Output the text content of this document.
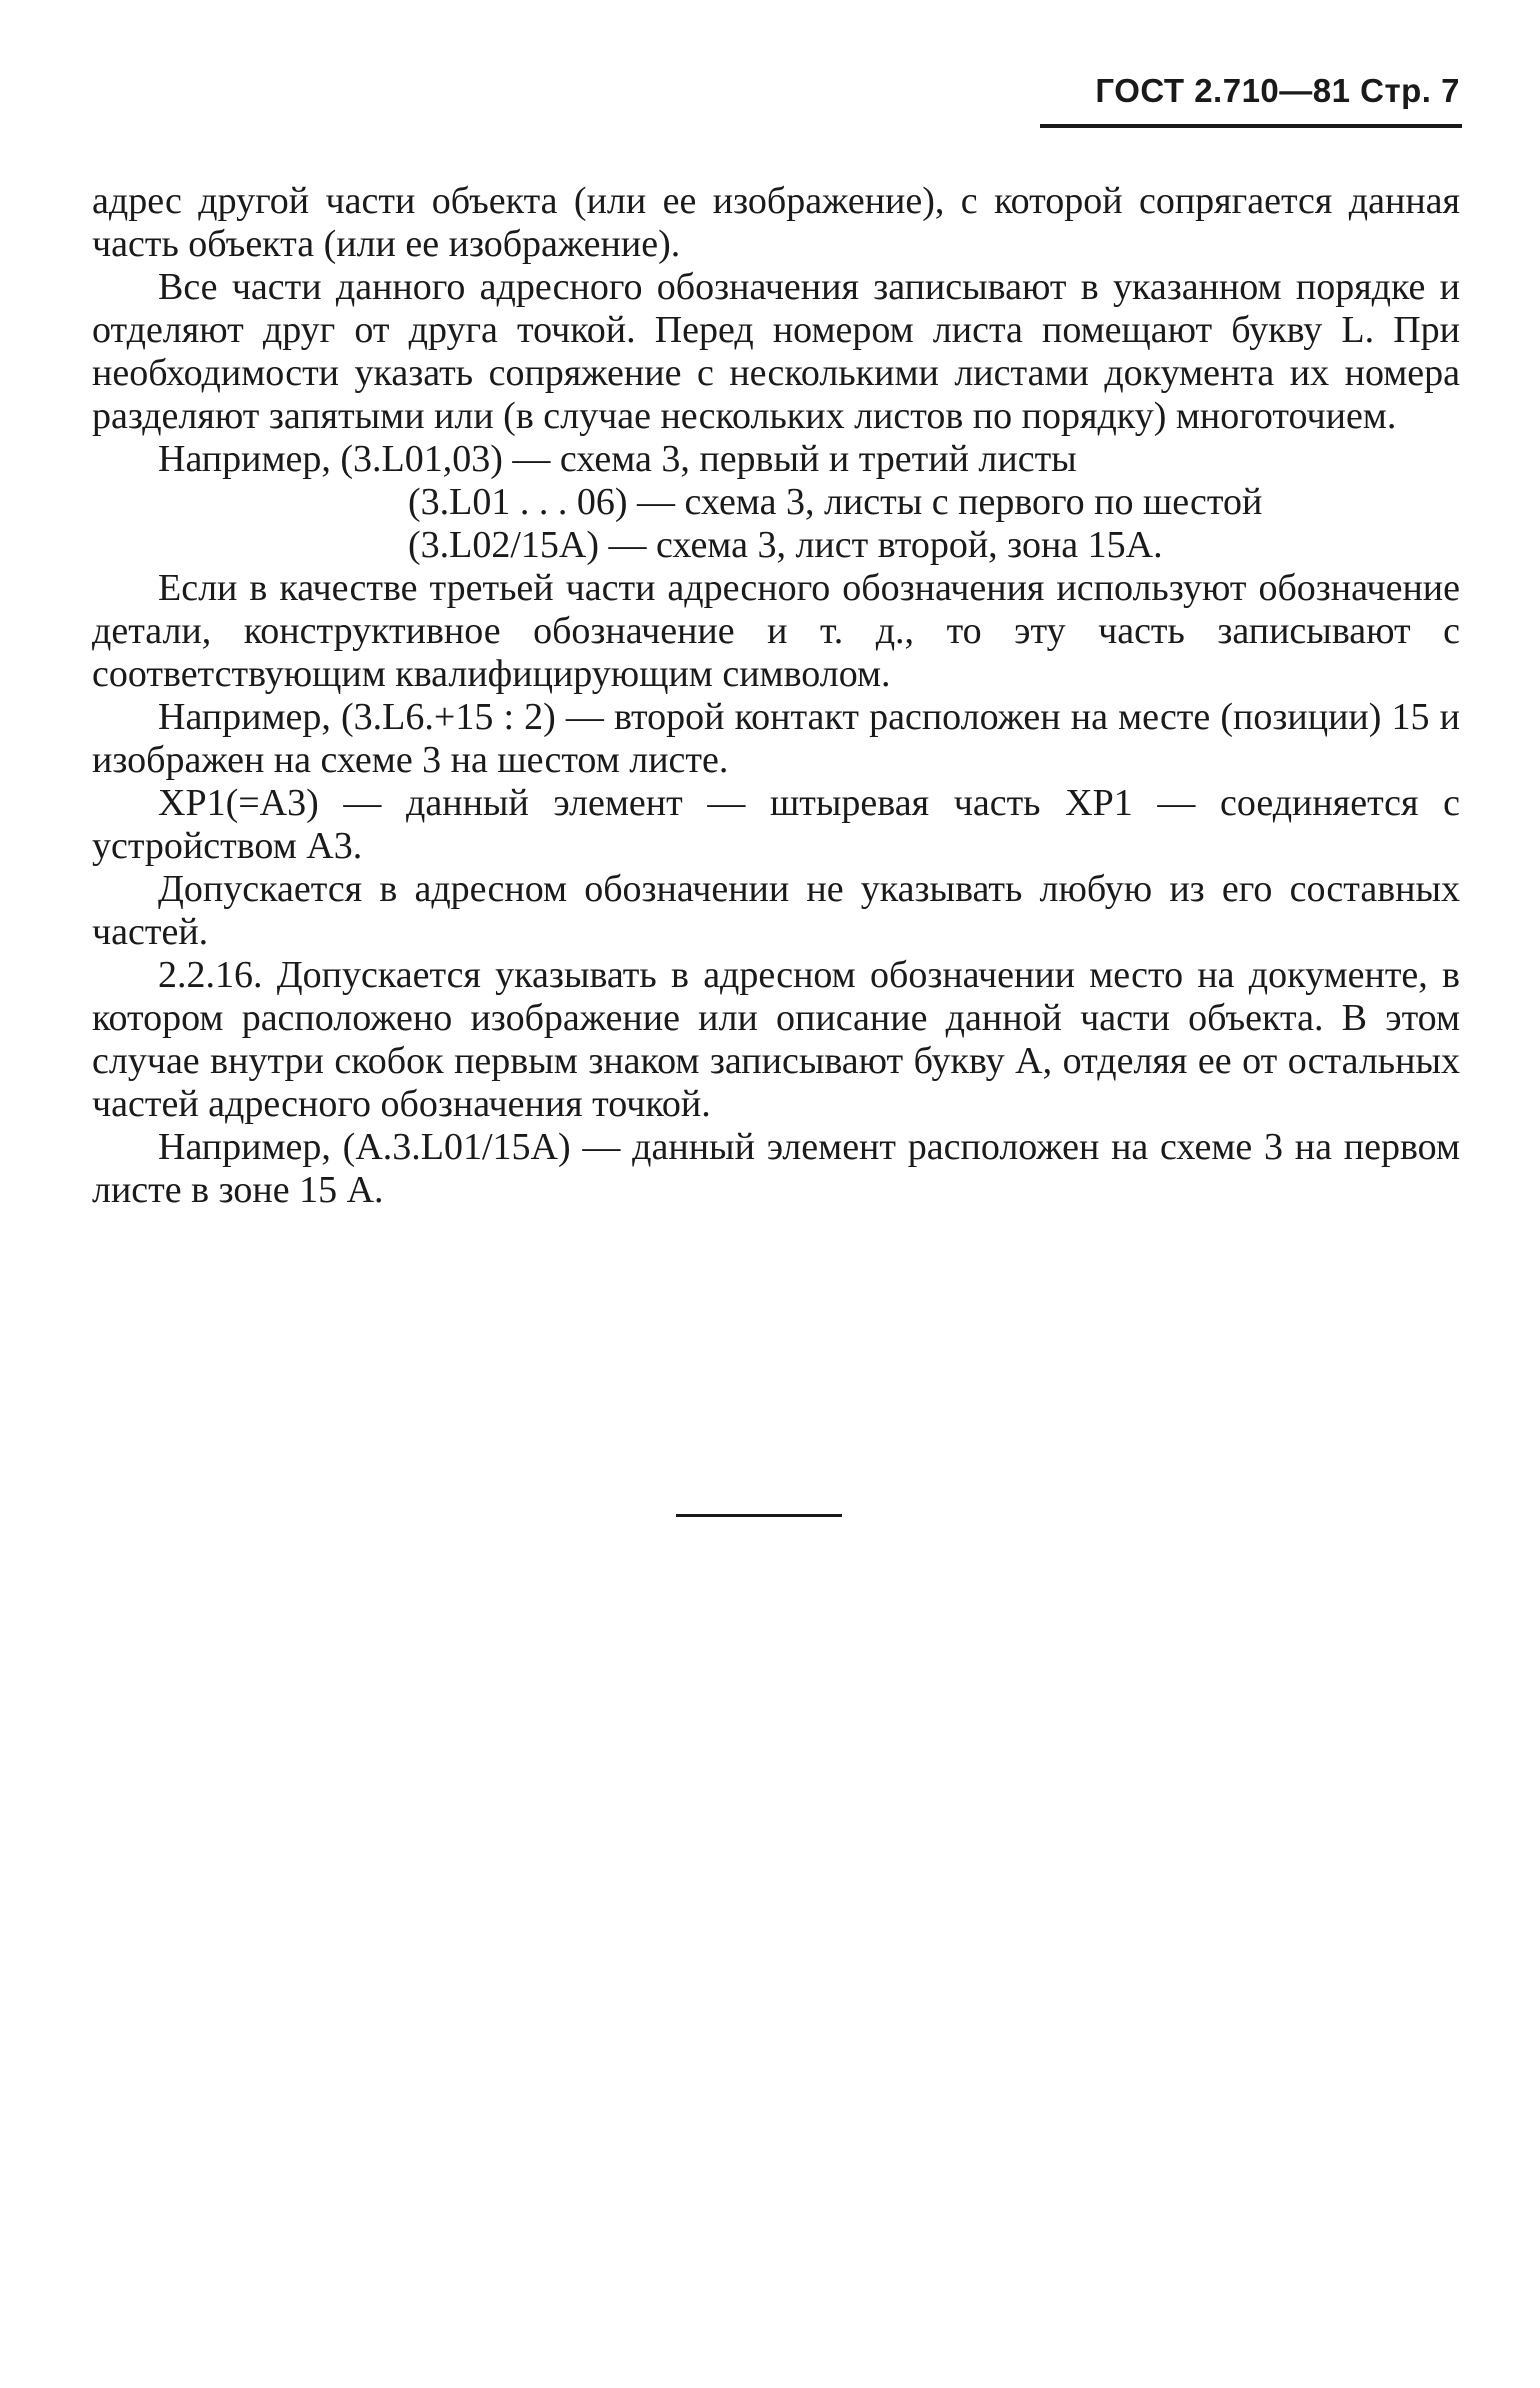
ГОСТ 2.710—81 Стр. 7

адрес другой части объекта (или ее изображение), с которой сопрягается данная часть объекта (или ее изображение).

Все части данного адресного обозначения записывают в указанном порядке и отделяют друг от друга точкой. Перед номером листа помещают букву L. При необходимости указать сопряжение с несколькими листами документа их номера разделяют запятыми или (в случае нескольких листов по порядку) многоточием.

Например, (3.L01,03) — схема 3, первый и третий листы

(3.L01 . . . 06) — схема 3, листы с первого по шестой

(3.L02/15A) — схема 3, лист второй, зона 15А.

Если в качестве третьей части адресного обозначения используют обозначение детали, конструктивное обозначение и т. д., то эту часть записывают с соответствующим квалифицирующим символом.

Например, (3.L6.+15 : 2) — второй контакт расположен на месте (позиции) 15 и изображен на схеме 3 на шестом листе.

XP1(=A3) — данный элемент — штыревая часть XP1 — соединяется с устройством A3.

Допускается в адресном обозначении не указывать любую из его составных частей.

2.2.16. Допускается указывать в адресном обозначении место на документе, в котором расположено изображение или описание данной части объекта. В этом случае внутри скобок первым знаком записывают букву А, отделяя ее от остальных частей адресного обозначения точкой.

Например, (A.3.L01/15A) — данный элемент расположен на схеме 3 на первом листе в зоне 15 А.
